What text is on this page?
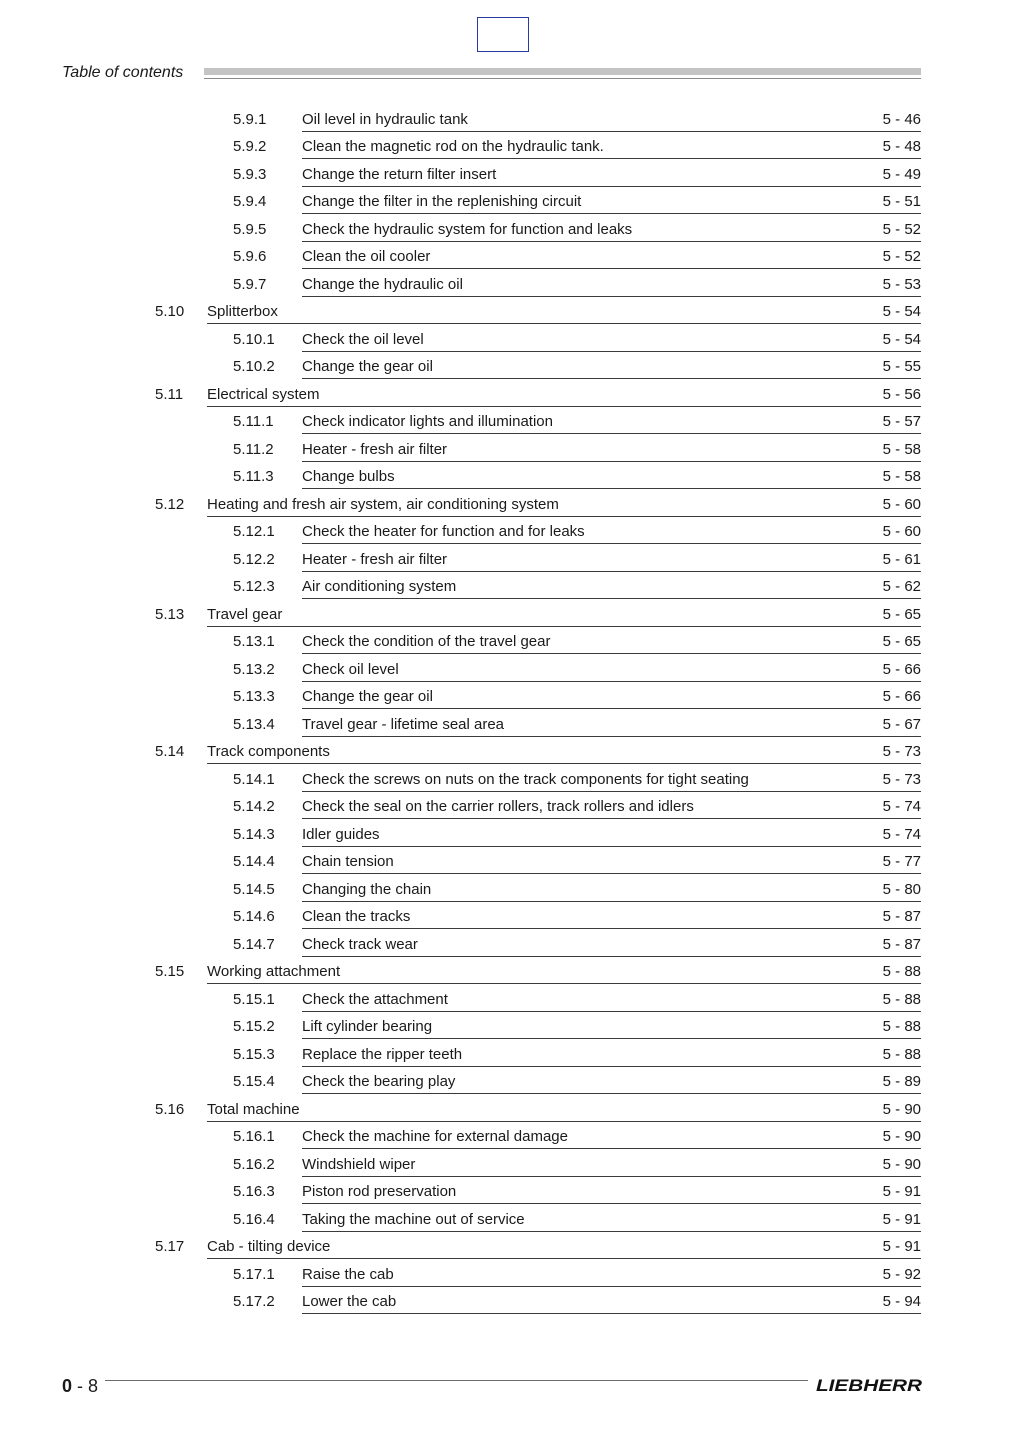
Table of contents
5.9.1 Oil level in hydraulic tank	5 - 46
5.9.2 Clean the magnetic rod on the hydraulic tank.	5 - 48
5.9.3 Change the return filter insert	5 - 49
5.9.4 Change the filter in the replenishing circuit	5 - 51
5.9.5 Check the hydraulic system for function and leaks	5 - 52
5.9.6 Clean the oil cooler	5 - 52
5.9.7 Change the hydraulic oil	5 - 53
5.10 Splitterbox	5 - 54
5.10.1 Check the oil level	5 - 54
5.10.2 Change the gear oil	5 - 55
5.11 Electrical system	5 - 56
5.11.1 Check indicator lights and illumination	5 - 57
5.11.2 Heater - fresh air filter	5 - 58
5.11.3 Change bulbs	5 - 58
5.12 Heating and fresh air system, air conditioning system	5 - 60
5.12.1 Check the heater for function and for leaks	5 - 60
5.12.2 Heater - fresh air filter	5 - 61
5.12.3 Air conditioning system	5 - 62
5.13 Travel gear	5 - 65
5.13.1 Check the condition of the travel gear	5 - 65
5.13.2 Check oil level	5 - 66
5.13.3 Change the gear oil	5 - 66
5.13.4 Travel gear - lifetime seal area	5 - 67
5.14 Track components	5 - 73
5.14.1 Check the screws on nuts on the track components for tight seating	5 - 73
5.14.2 Check the seal on the carrier rollers, track rollers and idlers	5 - 74
5.14.3 Idler guides	5 - 74
5.14.4 Chain tension	5 - 77
5.14.5 Changing the chain	5 - 80
5.14.6 Clean the tracks	5 - 87
5.14.7 Check track wear	5 - 87
5.15 Working attachment	5 - 88
5.15.1 Check the attachment	5 - 88
5.15.2 Lift cylinder bearing	5 - 88
5.15.3 Replace the ripper teeth	5 - 88
5.15.4 Check the bearing play	5 - 89
5.16 Total machine	5 - 90
5.16.1 Check the machine for external damage	5 - 90
5.16.2 Windshield wiper	5 - 90
5.16.3 Piston rod preservation	5 - 91
5.16.4 Taking the machine out of service	5 - 91
5.17 Cab - tilting device	5 - 91
5.17.1 Raise the cab	5 - 92
5.17.2 Lower the cab	5 - 94
0 - 8	LIEBHERR
